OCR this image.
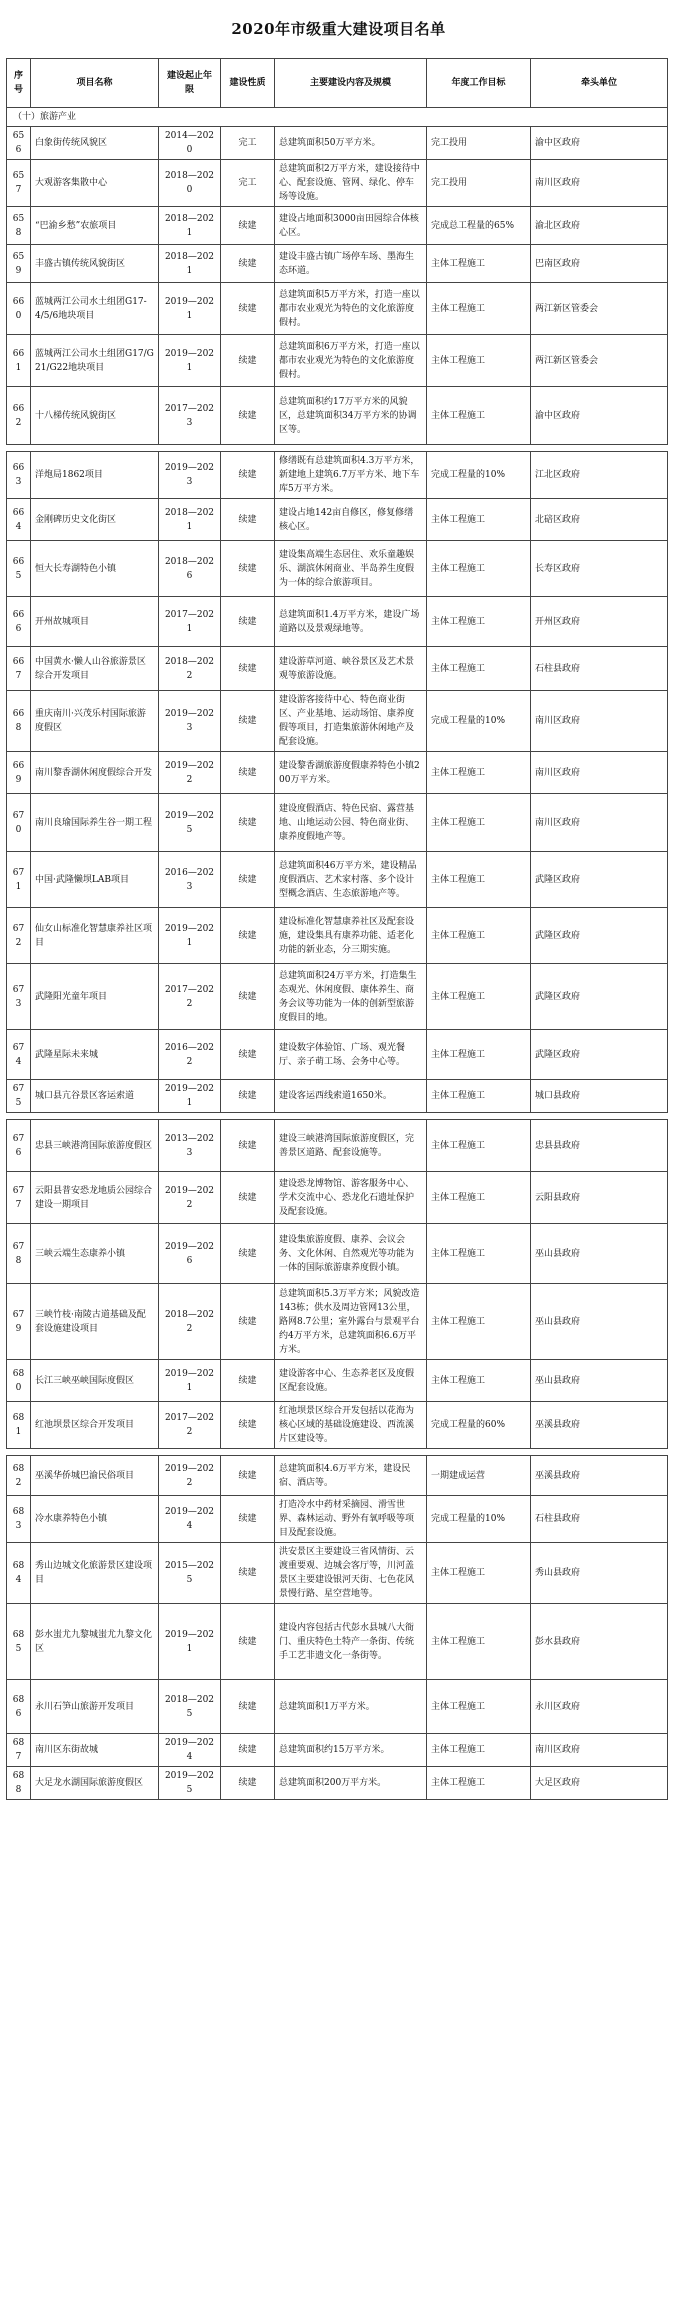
2020年市级重大建设项目名单
序号	项目名称	建设起止年限	建设性质	主要建设内容及规模	年度工作目标	牵头单位
（十）旅游产业						
656	白象街传统风貌区	2014—2020	完工	总建筑面积50万平方米。	完工投用	渝中区政府
657	大观游客集散中心	2018—2020	完工	总建筑面积2万平方米，建设接待中心、配套设施、管网、绿化、停车场等设施。	完工投用	南川区政府
658	“巴渝乡愁”农旅项目	2018—2021	续建	建设占地面积3000亩田园综合体核心区。	完成总工程量的65%	渝北区政府
659	丰盛古镇传统风貌街区	2018—2021	续建	建设丰盛古镇广场停车场、墨海生态环道。	主体工程施工	巴南区政府
660	蓝城两江公司水土组团G17-4/5/6地块项目	2019—2021	续建	总建筑面积5万平方米，打造一座以都市农业观光为特色的文化旅游度假村。	主体工程施工	两江新区管委会
661	蓝城两江公司水土组团G17/G21/G22地块项目	2019—2021	续建	总建筑面积6万平方米，打造一座以都市农业观光为特色的文化旅游度假村。	主体工程施工	两江新区管委会
662	十八梯传统风貌街区	2017—2023	续建	总建筑面积约17万平方米的风貌区，总建筑面积34万平方米的协调区等。	主体工程施工	渝中区政府

663	洋炮局1862项目	2019—2023	续建	修缮既有总建筑面积4.3万平方米，新建地上建筑6.7万平方米、地下车库5万平方米。	完成工程量的10%	江北区政府
664	金刚碑历史文化街区	2018—2021	续建	建设占地142亩自修区，修复修缮核心区。	主体工程施工	北碚区政府
665	恒大长寿湖特色小镇	2018—2026	续建	建设集高端生态居住、欢乐童趣娱乐、湖滨休闲商业、半岛养生度假为一体的综合旅游项目。	主体工程施工	长寿区政府
666	开州故城项目	2017—2021	续建	总建筑面积1.4万平方米，建设广场道路以及景观绿地等。	主体工程施工	开州区政府
667	中国黄水·懒人山谷旅游景区综合开发项目	2018—2022	续建	建设游草河道、峡谷景区及艺术景观等旅游设施。	主体工程施工	石柱县政府
668	重庆南川·兴茂乐村国际旅游度假区	2019—2023	续建	建设游客接待中心、特色商业街区、产业基地、运动场馆、康养度假等项目，打造集旅游休闲地产及配套设施。	完成工程量的10%	南川区政府
669	南川黎香湖休闲度假综合开发	2019—2022	续建	建设黎香湖旅游度假康养特色小镇200万平方米。	主体工程施工	南川区政府
670	南川良瑜国际养生谷一期工程	2019—2025	续建	建设度假酒店、特色民宿、露营基地、山地运动公园、特色商业街、康养度假地产等。	主体工程施工	南川区政府
671	中国·武隆懒坝LAB项目	2016—2023	续建	总建筑面积46万平方米，建设精品度假酒店、艺术家村落、多个设计型概念酒店、生态旅游地产等。	主体工程施工	武隆区政府
672	仙女山标准化智慧康养社区项目	2019—2021	续建	建设标准化智慧康养社区及配套设施，建设集具有康养功能、适老化功能的新业态，分三期实施。	主体工程施工	武隆区政府
673	武隆阳光童年项目	2017—2022	续建	总建筑面积24万平方米，打造集生态观光、休闲度假、康体养生、商务会议等功能为一体的创新型旅游度假目的地。	主体工程施工	武隆区政府
674	武隆星际未来城	2016—2022	续建	建设数字体验馆、广场、观光餐厅、亲子萌工场、会务中心等。	主体工程施工	武隆区政府
675	城口县亢谷景区客运索道	2019—2021	续建	建设客运西线索道1650米。	主体工程施工	城口县政府

676	忠县三峡港湾国际旅游度假区	2013—2023	续建	建设三峡港湾国际旅游度假区，完善景区道路、配套设施等。	主体工程施工	忠县县政府
677	云阳县普安恐龙地质公园综合建设一期项目	2019—2022	续建	建设恐龙博物馆、游客服务中心、学术交流中心、恐龙化石遗址保护及配套设施。	主体工程施工	云阳县政府
678	三峡云端生态康养小镇	2019—2026	续建	建设集旅游度假、康养、会议会务、文化休闲、自然观光等功能为一体的国际旅游康养度假小镇。	主体工程施工	巫山县政府
679	三峡竹枝·南陵古道基础及配套设施建设项目	2018—2022	续建	总建筑面积5.3万平方米；风貌改造143栋；供水及周边管网13公里，路网8.7公里；室外露台与景观平台约4万平方米，总建筑面积6.6万平方米。	主体工程施工	巫山县政府
680	长江三峡巫峡国际度假区	2019—2021	续建	建设游客中心、生态养老区及度假区配套设施。	主体工程施工	巫山县政府
681	红池坝景区综合开发项目	2017—2022	续建	红池坝景区综合开发包括以花海为核心区域的基础设施建设、西流溪片区建设等。	完成工程量的60%	巫溪县政府

682	巫溪华侨城巴渝民俗项目	2019—2022	续建	总建筑面积4.6万平方米，建设民宿、酒店等。	一期建成运营	巫溪县政府
683	冷水康养特色小镇	2019—2024	续建	打造冷水中药材采摘园、滑雪世界、森林运动、野外有氧呼吸等项目及配套设施。	完成工程量的10%	石柱县政府
684	秀山边城文化旅游景区建设项目	2015—2025	续建	洪安景区主要建设三省风情街、云渡重要观、边城会客厅等，川河盖景区主要建设银河天街、七色花风景慢行路、星空营地等。	主体工程施工	秀山县政府
685	彭水蚩尤九黎城蚩尤九黎文化区	2019—2021	续建	建设内容包括古代彭水县城八大衙门、重庆特色土特产一条街、传统手工艺非遗文化一条街等。	主体工程施工	彭水县政府
686	永川石笋山旅游开发项目	2018—2025	续建	总建筑面积1万平方米。	主体工程施工	永川区政府
687	南川区东街故城	2019—2024	续建	总建筑面积约15万平方米。	主体工程施工	南川区政府
688	大足龙水湖国际旅游度假区	2019—2025	续建	总建筑面积200万平方米。	主体工程施工	大足区政府
